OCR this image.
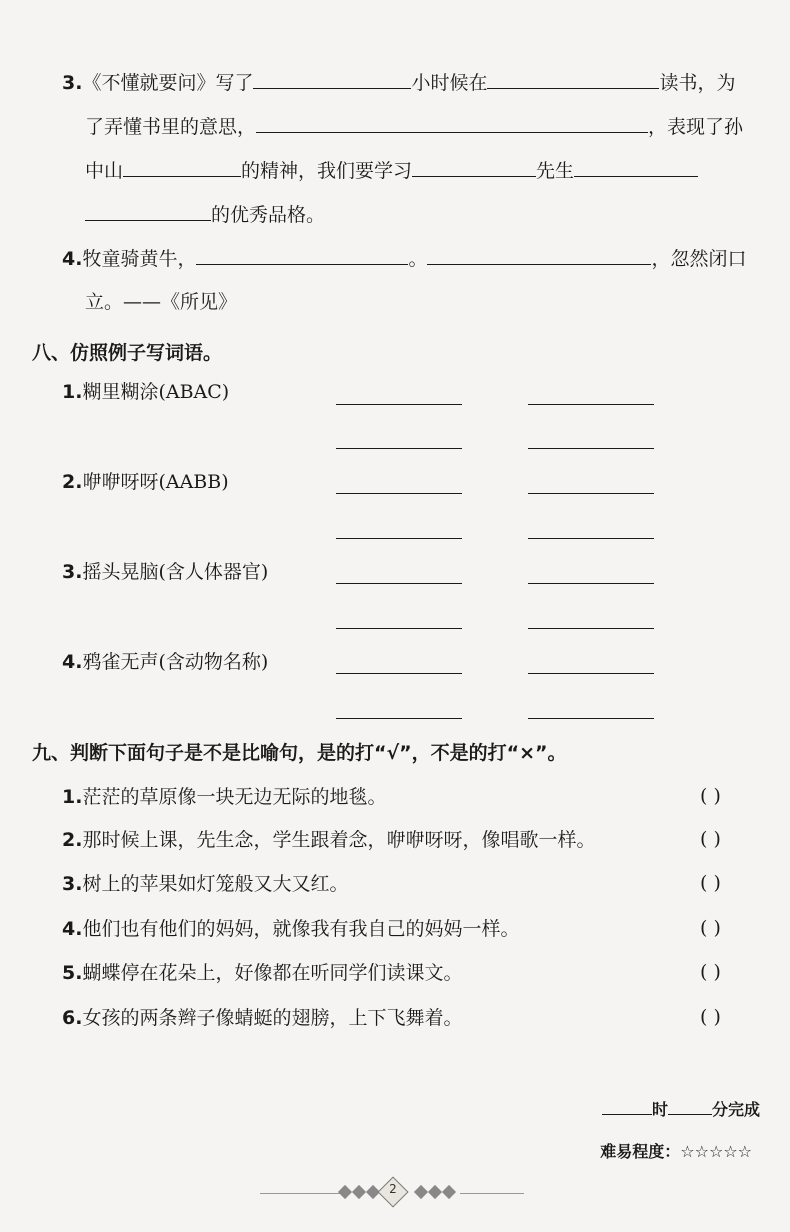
3.《不懂就要问》写了	小时候在	读书，为
了弄懂书里的意思，	，表现了孙
中山	的精神，我们要学习	先生
的优秀品格。
4.牧童骑黄牛，	。	，忽然闭口
立。——《所见》
八、仿照例子写词语。
1.糊里糊涂(ABAC)
2.咿咿呀呀(AABB)
3.摇头晃脑(含人体器官)
4.鸦雀无声(含动物名称)
九、判断下面句子是不是比喻句，是的打“√”，不是的打“×”。
1.茫茫的草原像一块无边无际的地毯。	( )
2.那时候上课，先生念，学生跟着念，咿咿呀呀，像唱歌一样。	( )
3.树上的苹果如灯笼般又大又红。	( )
4.他们也有他们的妈妈，就像我有我自己的妈妈一样。	( )
5.蝴蝶停在花朵上，好像都在听同学们读课文。	( )
6.女孩的两条辫子像蜻蜓的翅膀，上下飞舞着。	( )
时	分完成
难易程度：☆☆☆☆☆
2
